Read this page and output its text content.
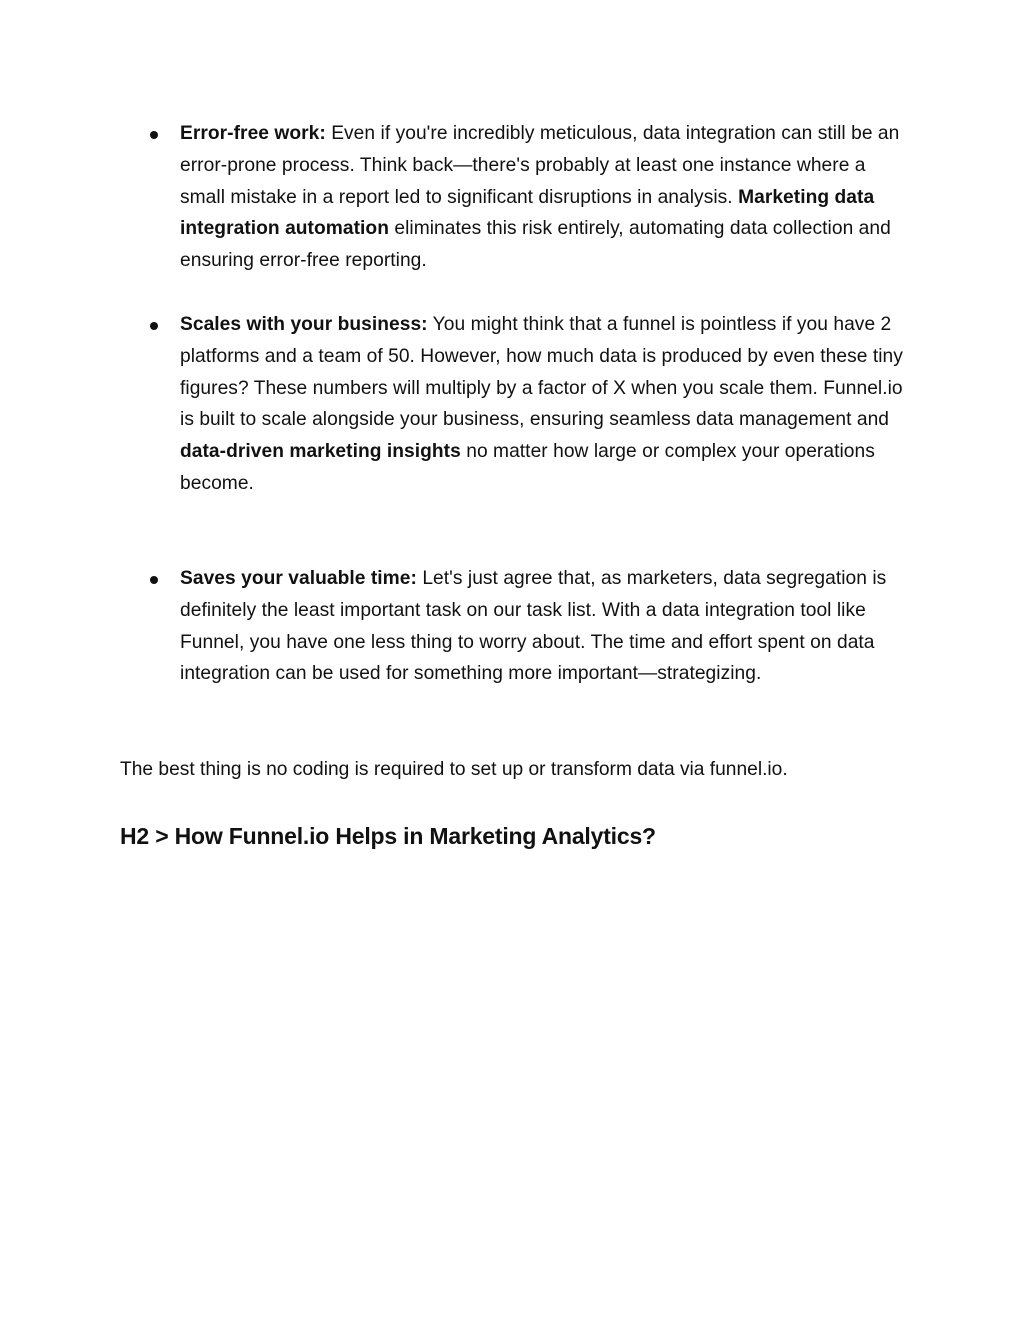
Error-free work: Even if you're incredibly meticulous, data integration can still be an error-prone process. Think back—there's probably at least one instance where a small mistake in a report led to significant disruptions in analysis. Marketing data integration automation eliminates this risk entirely, automating data collection and ensuring error-free reporting.
Scales with your business: You might think that a funnel is pointless if you have 2 platforms and a team of 50. However, how much data is produced by even these tiny figures? These numbers will multiply by a factor of X when you scale them. Funnel.io is built to scale alongside your business, ensuring seamless data management and data-driven marketing insights no matter how large or complex your operations become.
Saves your valuable time: Let's just agree that, as marketers, data segregation is definitely the least important task on our task list. With a data integration tool like Funnel, you have one less thing to worry about. The time and effort spent on data integration can be used for something more important—strategizing.

The best thing is no coding is required to set up or transform data via funnel.io.

H2 > How Funnel.io Helps in Marketing Analytics?
